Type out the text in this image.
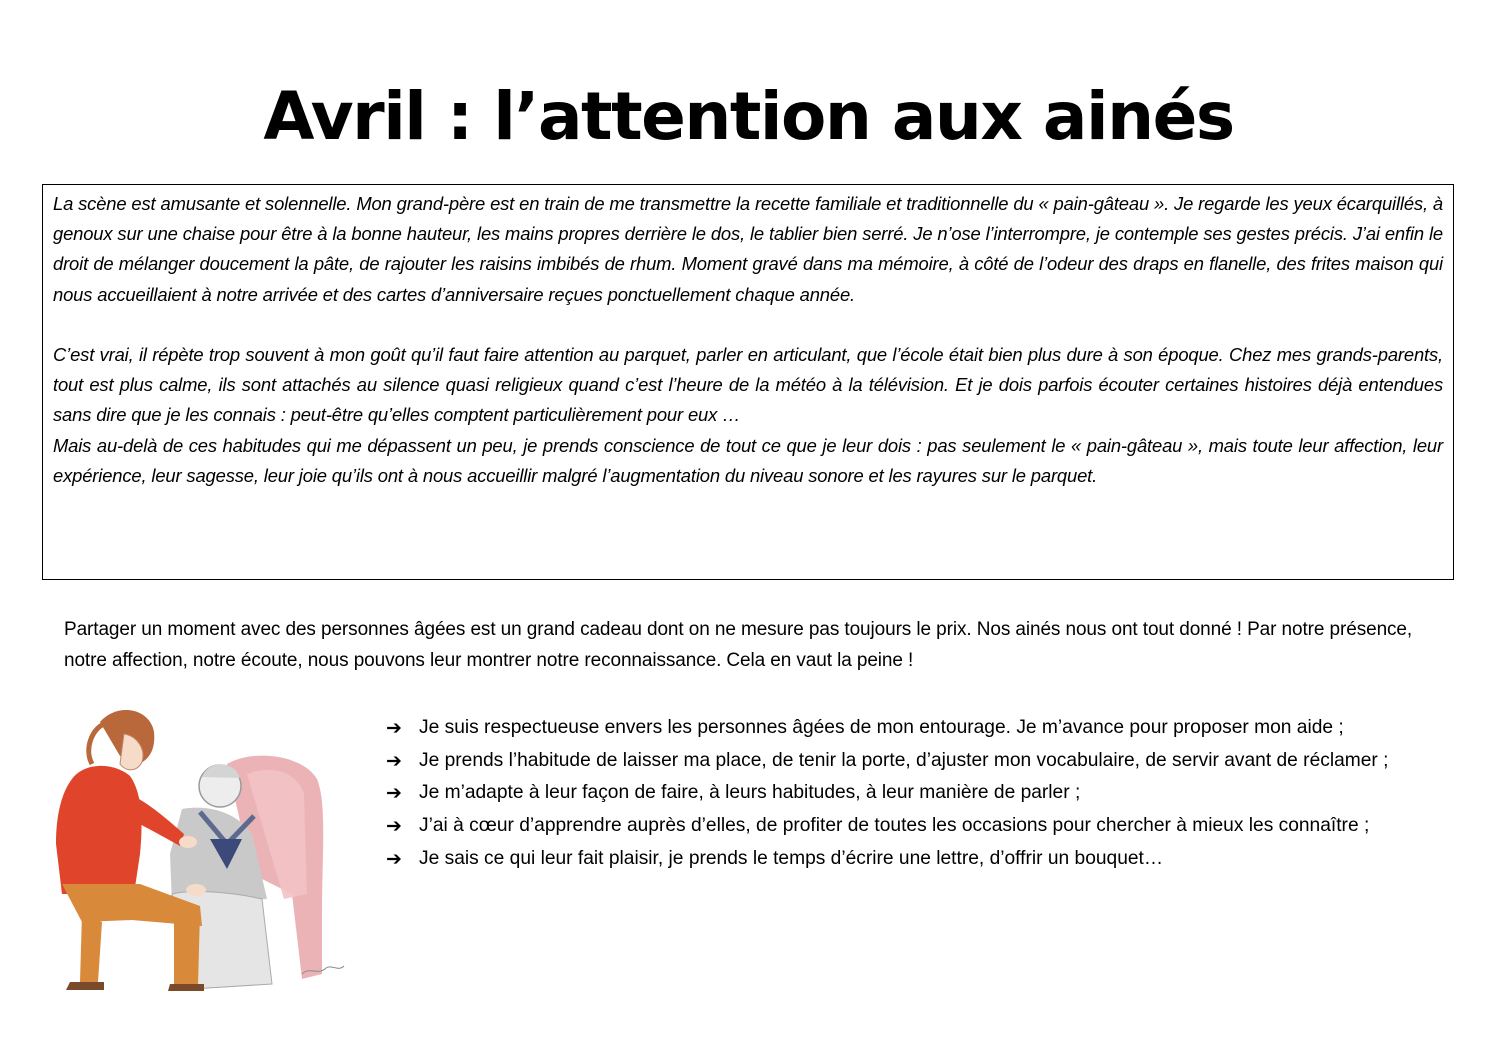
Avril : l’attention aux ainés

La scène est amusante et solennelle. Mon grand-père est en train de me transmettre la recette familiale et traditionnelle du « pain-gâteau ». Je regarde les yeux écarquillés, à genoux sur une chaise pour être à la bonne hauteur, les mains propres derrière le dos, le tablier bien serré. Je n’ose l’interrompre, je contemple ses gestes précis. J’ai enfin le droit de mélanger doucement la pâte, de rajouter les raisins imbibés de rhum. Moment gravé dans ma mémoire, à côté de l’odeur des draps en flanelle, des frites maison qui nous accueillaient à notre arrivée et des cartes d’anniversaire reçues ponctuellement chaque année.

C’est vrai, il répète trop souvent à mon goût qu’il faut faire attention au parquet, parler en articulant, que l’école était bien plus dure à son époque. Chez mes grands-parents, tout est plus calme, ils sont attachés au silence quasi religieux quand c’est l’heure de la météo à la télévision. Et je dois parfois écouter certaines histoires déjà entendues sans dire que je les connais : peut-être qu’elles comptent particulièrement pour eux …

Mais au-delà de ces habitudes qui me dépassent un peu, je prends conscience de tout ce que je leur dois : pas seulement le « pain-gâteau », mais toute leur affection, leur expérience, leur sagesse, leur joie qu’ils ont à nous accueillir malgré l’augmentation du niveau sonore et les rayures sur le parquet.

Partager un moment avec des personnes âgées est un grand cadeau dont on ne mesure pas toujours le prix. Nos ainés nous ont tout donné ! Par notre présence, notre affection, notre écoute, nous pouvons leur montrer notre reconnaissance. Cela en vaut la peine !

➔ Je suis respectueuse envers les personnes âgées de mon entourage. Je m’avance pour proposer mon aide ;
➔ Je prends l’habitude de laisser ma place, de tenir la porte, d’ajuster mon vocabulaire, de servir avant de réclamer ;
➔ Je m’adapte à leur façon de faire, à leurs habitudes, à leur manière de parler ;
➔ J’ai à cœur d’apprendre auprès d’elles, de profiter de toutes les occasions pour chercher à mieux les connaître ;
➔ Je sais ce qui leur fait plaisir, je prends le temps d’écrire une lettre, d’offrir un bouquet…
